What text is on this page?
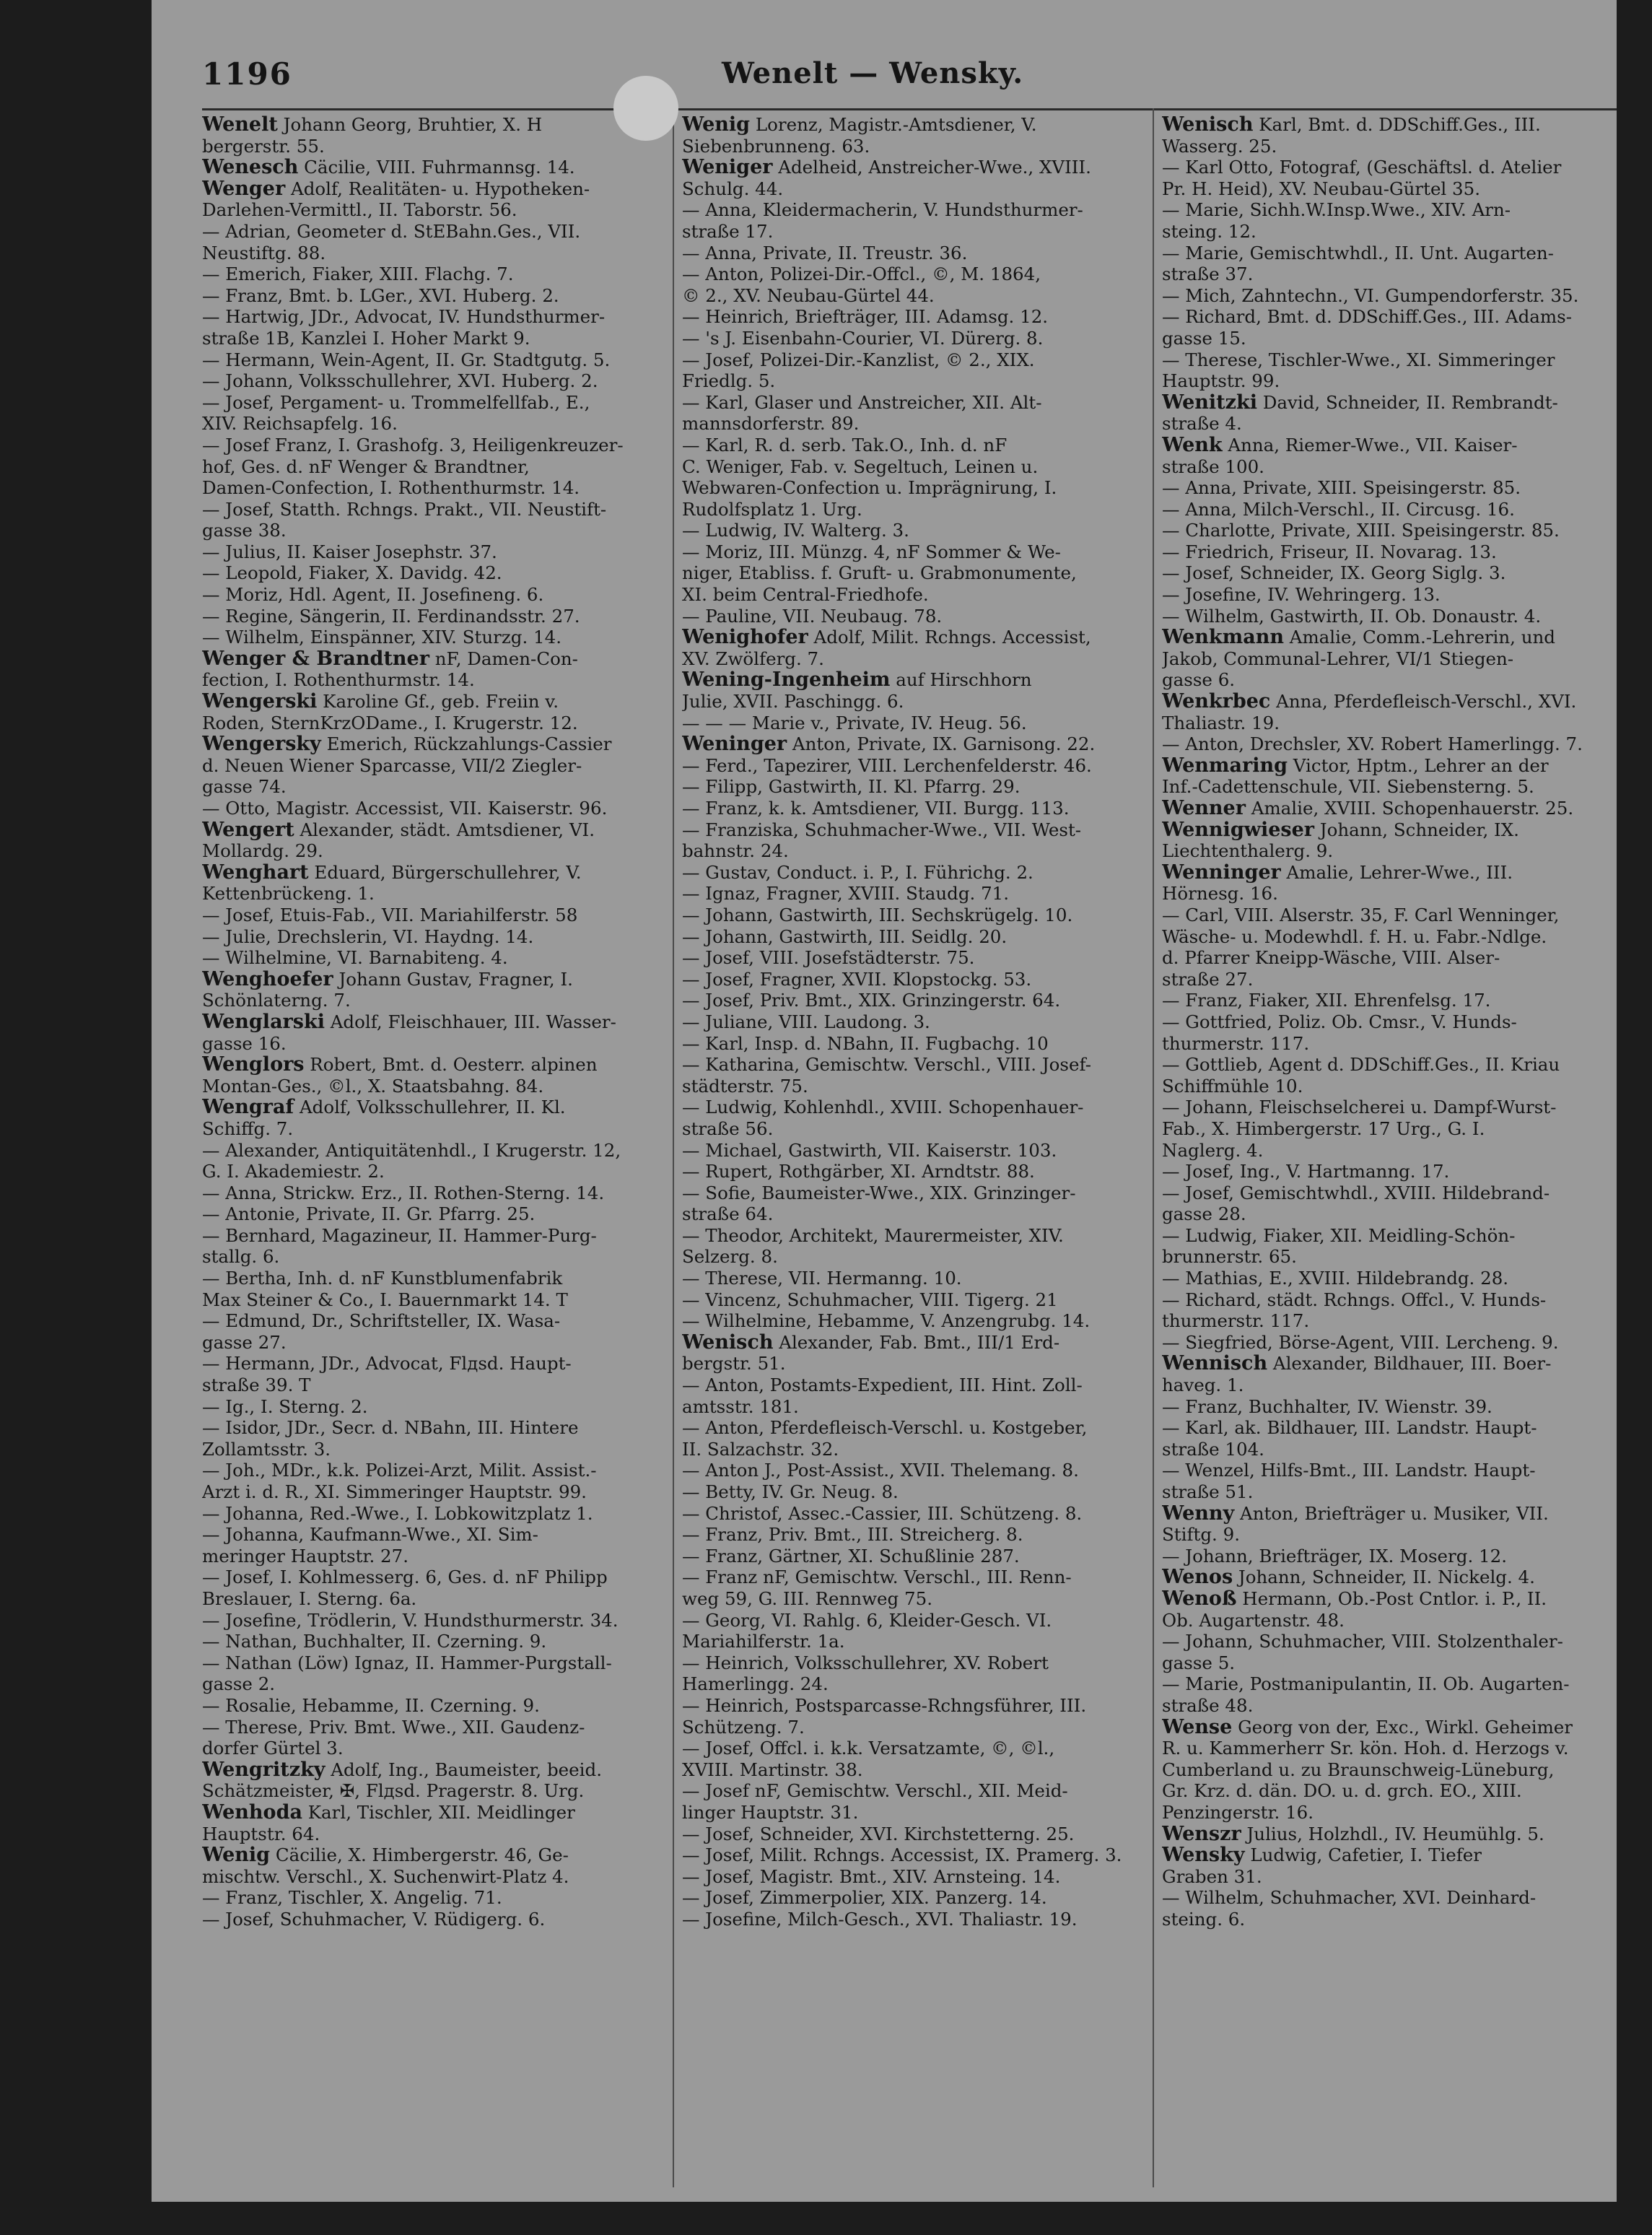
1196	Wenelt — Wensky.
Wenelt Johann Georg, Bruhtier, X. H
bergerstr. 55.
Wenesch Cäcilie, VIII. Fuhrmannsg. 14.
Wenger Adolf, Realitäten- u. Hypotheken-
Darlehen-Vermittl., II. Taborstr. 56.
— Adrian, Geometer d. StEBahn.Ges., VII.
Neustiftg. 88.
— Emerich, Fiaker, XIII. Flachg. 7.
— Franz, Bmt. b. LGer., XVI. Huberg. 2.
— Hartwig, JDr., Advocat, IV. Hundsthurmer-
straße 1B, Kanzlei I. Hoher Markt 9.
— Hermann, Wein-Agent, II. Gr. Stadtgutg. 5.
— Johann, Volksschullehrer, XVI. Huberg. 2.
— Josef, Pergament- u. Trommelfellfab., E.,
XIV. Reichsapfelg. 16.
— Josef Franz, I. Grashofg. 3, Heiligenkreuzer-
hof, Ges. d. nF Wenger & Brandtner,
Damen-Confection, I. Rothenthurmstr. 14.
— Josef, Statth. Rchngs. Prakt., VII. Neustift-
gasse 38.
— Julius, II. Kaiser Josephstr. 37.
— Leopold, Fiaker, X. Davidg. 42.
— Moriz, Hdl. Agent, II. Josefineng. 6.
— Regine, Sängerin, II. Ferdinandsstr. 27.
— Wilhelm, Einspänner, XIV. Sturzg. 14.
Wenger & Brandtner nF, Damen-Con-
fection, I. Rothenthurmstr. 14.
Wengerski Karoline Gf., geb. Freiin v.
Roden, SternKrzODame., I. Krugerstr. 12.
Wengersky Emerich, Rückzahlungs-Cassier
d. Neuen Wiener Sparcasse, VII/2 Ziegler-
gasse 74.
— Otto, Magistr. Accessist, VII. Kaiserstr. 96.
Wengert Alexander, städt. Amtsdiener, VI.
Mollardg. 29.
Wenghart Eduard, Bürgerschullehrer, V.
Kettenbrückeng. 1.
— Josef, Etuis-Fab., VII. Mariahilferstr. 58
— Julie, Drechslerin, VI. Haydng. 14.
— Wilhelmine, VI. Barnabiteng. 4.
Wenghoefer Johann Gustav, Fragner, I.
Schönlaterng. 7.
Wenglarski Adolf, Fleischhauer, III. Wasser-
gasse 16.
Wenglors Robert, Bmt. d. Oesterr. alpinen
Montan-Ges., ©l., X. Staatsbahng. 84.
Wengraf Adolf, Volksschullehrer, II. Kl.
Schiffg. 7.
— Alexander, Antiquitätenhdl., I Krugerstr. 12,
G. I. Akademiestr. 2.
— Anna, Strickw. Erz., II. Rothen-Sterng. 14.
— Antonie, Private, II. Gr. Pfarrg. 25.
— Bernhard, Magazineur, II. Hammer-Purg-
stallg. 6.
— Bertha, Inh. d. nF Kunstblumenfabrik
Max Steiner & Co., I. Bauernmarkt 14. T
— Edmund, Dr., Schriftsteller, IX. Wasa-
gasse 27.
— Hermann, JDr., Advocat, Flдsd. Haupt-
straße 39. T
— Ig., I. Sterng. 2.
— Isidor, JDr., Secr. d. NBahn, III. Hintere
Zollamtsstr. 3.
— Joh., MDr., k.k. Polizei-Arzt, Milit. Assist.-
Arzt i. d. R., XI. Simmeringer Hauptstr. 99.
— Johanna, Red.-Wwe., I. Lobkowitzplatz 1.
— Johanna, Kaufmann-Wwe., XI. Sim-
meringer Hauptstr. 27.
— Josef, I. Kohlmesserg. 6, Ges. d. nF Philipp
Breslauer, I. Sterng. 6a.
— Josefine, Trödlerin, V. Hundsthurmerstr. 34.
— Nathan, Buchhalter, II. Czerning. 9.
— Nathan (Löw) Ignaz, II. Hammer-Purgstall-
gasse 2.
— Rosalie, Hebamme, II. Czerning. 9.
— Therese, Priv. Bmt. Wwe., XII. Gaudenz-
dorfer Gürtel 3.
Wengritzky Adolf, Ing., Baumeister, beeid.
Schätzmeister, ✠, Flдsd. Pragerstr. 8. Urg.
Wenhoda Karl, Tischler, XII. Meidlinger
Hauptstr. 64.
Wenig Cäcilie, X. Himbergerstr. 46, Ge-
mischtw. Verschl., X. Suchenwirt-Platz 4.
— Franz, Tischler, X. Angelig. 71.
— Josef, Schuhmacher, V. Rüdigerg. 6.
Wenig Lorenz, Magistr.-Amtsdiener, V.
Siebenbrunneng. 63.
Weniger Adelheid, Anstreicher-Wwe., XVIII.
Schulg. 44.
— Anna, Kleidermacherin, V. Hundsthurmer-
straße 17.
— Anna, Private, II. Treustr. 36.
— Anton, Polizei-Dir.-Offcl., ©, M. 1864,
© 2., XV. Neubau-Gürtel 44.
— Heinrich, Briefträger, III. Adamsg. 12.
— 's J. Eisenbahn-Courier, VI. Dürerg. 8.
— Josef, Polizei-Dir.-Kanzlist, © 2., XIX.
Friedlg. 5.
— Karl, Glaser und Anstreicher, XII. Alt-
mannsdorferstr. 89.
— Karl, R. d. serb. Tak.O., Inh. d. nF
C. Weniger, Fab. v. Segeltuch, Leinen u.
Webwaren-Confection u. Imprägnirung, I.
Rudolfsplatz 1. Urg.
— Ludwig, IV. Walterg. 3.
— Moriz, III. Münzg. 4, nF Sommer & We-
niger, Etabliss. f. Gruft- u. Grabmonumente,
XI. beim Central-Friedhofe.
— Pauline, VII. Neubaug. 78.
Wenighofer Adolf, Milit. Rchngs. Accessist,
XV. Zwölferg. 7.
Wening-Ingenheim auf Hirschhorn
Julie, XVII. Paschingg. 6.
— — — Marie v., Private, IV. Heug. 56.
Weninger Anton, Private, IX. Garnisong. 22.
— Ferd., Tapezirer, VIII. Lerchenfelderstr. 46.
— Filipp, Gastwirth, II. Kl. Pfarrg. 29.
— Franz, k. k. Amtsdiener, VII. Burgg. 113.
— Franziska, Schuhmacher-Wwe., VII. West-
bahnstr. 24.
— Gustav, Conduct. i. P., I. Führichg. 2.
— Ignaz, Fragner, XVIII. Staudg. 71.
— Johann, Gastwirth, III. Sechskrügelg. 10.
— Johann, Gastwirth, III. Seidlg. 20.
— Josef, VIII. Josefstädterstr. 75.
— Josef, Fragner, XVII. Klopstockg. 53.
— Josef, Priv. Bmt., XIX. Grinzingerstr. 64.
— Juliane, VIII. Laudong. 3.
— Karl, Insp. d. NBahn, II. Fugbachg. 10
— Katharina, Gemischtw. Verschl., VIII. Josef-
städterstr. 75.
— Ludwig, Kohlenhdl., XVIII. Schopenhauer-
straße 56.
— Michael, Gastwirth, VII. Kaiserstr. 103.
— Rupert, Rothgärber, XI. Arndtstr. 88.
— Sofie, Baumeister-Wwe., XIX. Grinzinger-
straße 64.
— Theodor, Architekt, Maurermeister, XIV.
Selzerg. 8.
— Therese, VII. Hermanng. 10.
— Vincenz, Schuhmacher, VIII. Tigerg. 21
— Wilhelmine, Hebamme, V. Anzengrubg. 14.
Wenisch Alexander, Fab. Bmt., III/1 Erd-
bergstr. 51.
— Anton, Postamts-Expedient, III. Hint. Zoll-
amtsstr. 181.
— Anton, Pferdefleisch-Verschl. u. Kostgeber,
II. Salzachstr. 32.
— Anton J., Post-Assist., XVII. Thelemang. 8.
— Betty, IV. Gr. Neug. 8.
— Christof, Assec.-Cassier, III. Schützeng. 8.
— Franz, Priv. Bmt., III. Streicherg. 8.
— Franz, Gärtner, XI. Schußlinie 287.
— Franz nF, Gemischtw. Verschl., III. Renn-
weg 59, G. III. Rennweg 75.
— Georg, VI. Rahlg. 6, Kleider-Gesch. VI.
Mariahilferstr. 1a.
— Heinrich, Volksschullehrer, XV. Robert
Hamerlingg. 24.
— Heinrich, Postsparcasse-Rchngsführer, III.
Schützeng. 7.
— Josef, Offcl. i. k.k. Versatzamte, ©, ©l.,
XVIII. Martinstr. 38.
— Josef nF, Gemischtw. Verschl., XII. Meid-
linger Hauptstr. 31.
— Josef, Schneider, XVI. Kirchstetterng. 25.
— Josef, Milit. Rchngs. Accessist, IX. Pramerg. 3.
— Josef, Magistr. Bmt., XIV. Arnsteing. 14.
— Josef, Zimmerpolier, XIX. Panzerg. 14.
— Josefine, Milch-Gesch., XVI. Thaliastr. 19.
Wenisch Karl, Bmt. d. DDSchiff.Ges., III.
Wasserg. 25.
— Karl Otto, Fotograf, (Geschäftsl. d. Atelier
Pr. H. Heid), XV. Neubau-Gürtel 35.
— Marie, Sichh.W.Insp.Wwe., XIV. Arn-
steing. 12.
— Marie, Gemischtwhdl., II. Unt. Augarten-
straße 37.
— Mich, Zahntechn., VI. Gumpendorferstr. 35.
— Richard, Bmt. d. DDSchiff.Ges., III. Adams-
gasse 15.
— Therese, Tischler-Wwe., XI. Simmeringer
Hauptstr. 99.
Wenitzki David, Schneider, II. Rembrandt-
straße 4.
Wenk Anna, Riemer-Wwe., VII. Kaiser-
straße 100.
— Anna, Private, XIII. Speisingerstr. 85.
— Anna, Milch-Verschl., II. Circusg. 16.
— Charlotte, Private, XIII. Speisingerstr. 85.
— Friedrich, Friseur, II. Novarag. 13.
— Josef, Schneider, IX. Georg Siglg. 3.
— Josefine, IV. Wehringerg. 13.
— Wilhelm, Gastwirth, II. Ob. Donaustr. 4.
Wenkmann Amalie, Comm.-Lehrerin, und
Jakob, Communal-Lehrer, VI/1 Stiegen-
gasse 6.
Wenkrbec Anna, Pferdefleisch-Verschl., XVI.
Thaliastr. 19.
— Anton, Drechsler, XV. Robert Hamerlingg. 7.
Wenmaring Victor, Hptm., Lehrer an der
Inf.-Cadettenschule, VII. Siebensterng. 5.
Wenner Amalie, XVIII. Schopenhauerstr. 25.
Wennigwieser Johann, Schneider, IX.
Liechtenthalerg. 9.
Wenninger Amalie, Lehrer-Wwe., III.
Hörnesg. 16.
— Carl, VIII. Alserstr. 35, F. Carl Wenninger,
Wäsche- u. Modewhdl. f. H. u. Fabr.-Ndlge.
d. Pfarrer Kneipp-Wäsche, VIII. Alser-
straße 27.
— Franz, Fiaker, XII. Ehrenfelsg. 17.
— Gottfried, Poliz. Ob. Cmsr., V. Hunds-
thurmerstr. 117.
— Gottlieb, Agent d. DDSchiff.Ges., II. Kriau
Schiffmühle 10.
— Johann, Fleischselcherei u. Dampf-Wurst-
Fab., X. Himbergerstr. 17 Urg., G. I.
Naglerg. 4.
— Josef, Ing., V. Hartmanng. 17.
— Josef, Gemischtwhdl., XVIII. Hildebrand-
gasse 28.
— Ludwig, Fiaker, XII. Meidling-Schön-
brunnerstr. 65.
— Mathias, E., XVIII. Hildebrandg. 28.
— Richard, städt. Rchngs. Offcl., V. Hunds-
thurmerstr. 117.
— Siegfried, Börse-Agent, VIII. Lercheng. 9.
Wennisch Alexander, Bildhauer, III. Boer-
haveg. 1.
— Franz, Buchhalter, IV. Wienstr. 39.
— Karl, ak. Bildhauer, III. Landstr. Haupt-
straße 104.
— Wenzel, Hilfs-Bmt., III. Landstr. Haupt-
straße 51.
Wenny Anton, Briefträger u. Musiker, VII.
Stiftg. 9.
— Johann, Briefträger, IX. Moserg. 12.
Wenos Johann, Schneider, II. Nickelg. 4.
Wenoß Hermann, Ob.-Post Cntlor. i. P., II.
Ob. Augartenstr. 48.
— Johann, Schuhmacher, VIII. Stolzenthaler-
gasse 5.
— Marie, Postmanipulantin, II. Ob. Augarten-
straße 48.
Wense Georg von der, Exc., Wirkl. Geheimer
R. u. Kammerherr Sr. kön. Hoh. d. Herzogs v.
Cumberland u. zu Braunschweig-Lüneburg,
Gr. Krz. d. dän. DO. u. d. grch. EO., XIII.
Penzingerstr. 16.
Wenszr Julius, Holzhdl., IV. Heumühlg. 5.
Wensky Ludwig, Cafetier, I. Tiefer
Graben 31.
— Wilhelm, Schuhmacher, XVI. Deinhard-
steing. 6.
